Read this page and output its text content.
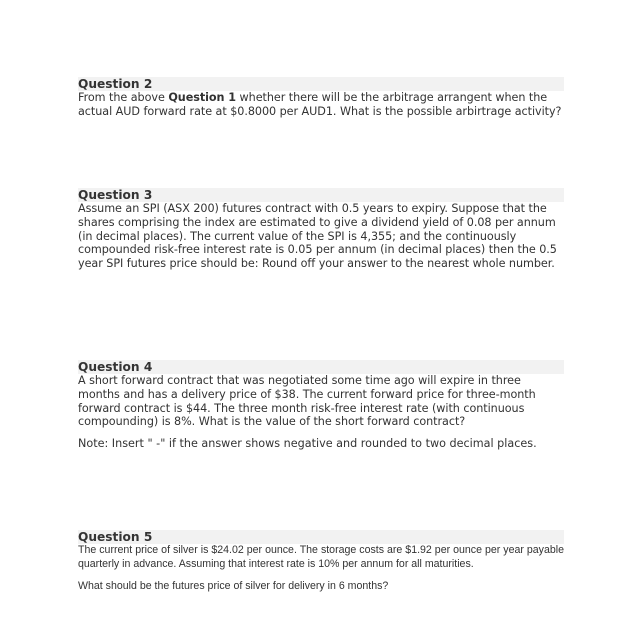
Question 2

From the above Question 1 whether there will be the arbitrage arrangent when the actual AUD forward rate at $0.8000 per AUD1. What is the possible arbirtrage activity?

Question 3

Assume an SPI (ASX 200) futures contract with 0.5 years to expiry. Suppose that the shares comprising the index are estimated to give a dividend yield of 0.08 per annum (in decimal places). The current value of the SPI is 4,355; and the continuously compounded risk-free interest rate is 0.05 per annum (in decimal places) then the 0.5 year SPI futures price should be: Round off your answer to the nearest whole number.

Question 4

A short forward contract that was negotiated some time ago will expire in three months and has a delivery price of $38. The current forward price for three-month forward contract is $44. The three month risk-free interest rate (with continuous compounding) is 8%. What is the value of the short forward contract?

Note: Insert " -" if the answer shows negative and rounded to two decimal places.

Question 5

The current price of silver is $24.02 per ounce. The storage costs are $1.92 per ounce per year payable quarterly in advance. Assuming that interest rate is 10% per annum for all maturities.

What should be the futures price of silver for delivery in 6 months?
